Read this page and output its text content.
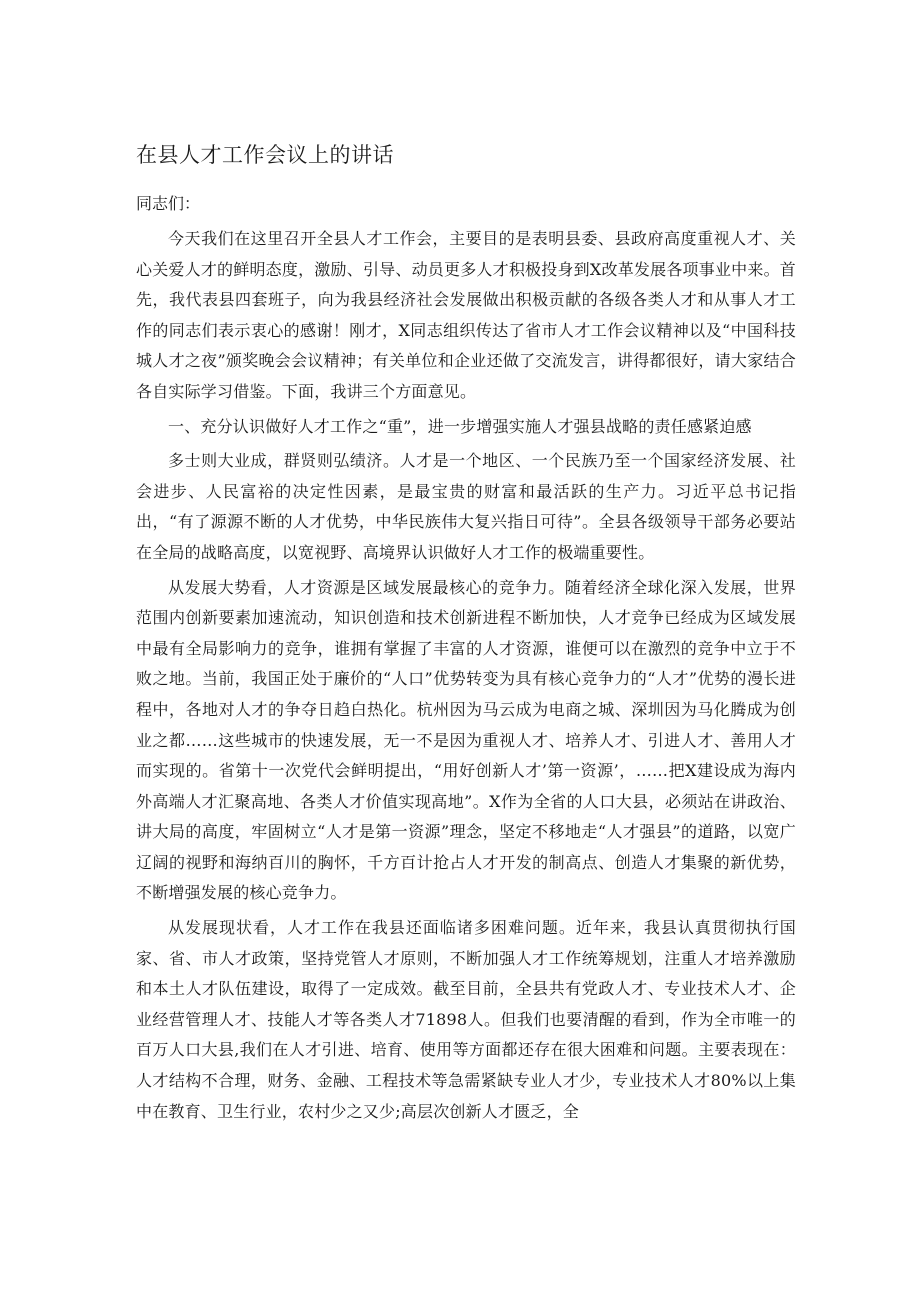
在县人才工作会议上的讲话

同志们：

今天我们在这里召开全县人才工作会，主要目的是表明县委、县政府高度重视人才、关心关爱人才的鲜明态度，激励、引导、动员更多人才积极投身到X改革发展各项事业中来。首先，我代表县四套班子，向为我县经济社会发展做出积极贡献的各级各类人才和从事人才工作的同志们表示衷心的感谢！刚才，X同志组织传达了省市人才工作会议精神以及“中国科技城人才之夜”颁奖晚会会议精神；有关单位和企业还做了交流发言，讲得都很好，请大家结合各自实际学习借鉴。下面，我讲三个方面意见。

一、充分认识做好人才工作之“重”，进一步增强实施人才强县战略的责任感紧迫感

多士则大业成，群贤则弘绩济。人才是一个地区、一个民族乃至一个国家经济发展、社会进步、人民富裕的决定性因素，是最宝贵的财富和最活跃的生产力。习近平总书记指出，“有了源源不断的人才优势，中华民族伟大复兴指日可待”。全县各级领导干部务必要站在全局的战略高度，以宽视野、高境界认识做好人才工作的极端重要性。

从发展大势看，人才资源是区域发展最核心的竞争力。随着经济全球化深入发展，世界范围内创新要素加速流动，知识创造和技术创新进程不断加快，人才竞争已经成为区域发展中最有全局影响力的竞争，谁拥有掌握了丰富的人才资源，谁便可以在激烈的竞争中立于不败之地。当前，我国正处于廉价的“人口”优势转变为具有核心竞争力的“人才”优势的漫长进程中，各地对人才的争夺日趋白热化。杭州因为马云成为电商之城、深圳因为马化腾成为创业之都……这些城市的快速发展，无一不是因为重视人才、培养人才、引进人才、善用人才而实现的。省第十一次党代会鲜明提出，“用好创新人才’第一资源’，……把X建设成为海内外高端人才汇聚高地、各类人才价值实现高地”。X作为全省的人口大县，必须站在讲政治、讲大局的高度，牢固树立“人才是第一资源”理念，坚定不移地走“人才强县”的道路，以宽广辽阔的视野和海纳百川的胸怀，千方百计抢占人才开发的制高点、创造人才集聚的新优势，不断增强发展的核心竞争力。

从发展现状看，人才工作在我县还面临诸多困难问题。近年来，我县认真贯彻执行国家、省、市人才政策，坚持党管人才原则，不断加强人才工作统筹规划，注重人才培养激励和本土人才队伍建设，取得了一定成效。截至目前，全县共有党政人才、专业技术人才、企业经营管理人才、技能人才等各类人才71898人。但我们也要清醒的看到，作为全市唯一的百万人口大县,我们在人才引进、培育、使用等方面都还存在很大困难和问题。主要表现在：人才结构不合理，财务、金融、工程技术等急需紧缺专业人才少，专业技术人才80%以上集中在教育、卫生行业，农村少之又少;高层次创新人才匮乏，全
